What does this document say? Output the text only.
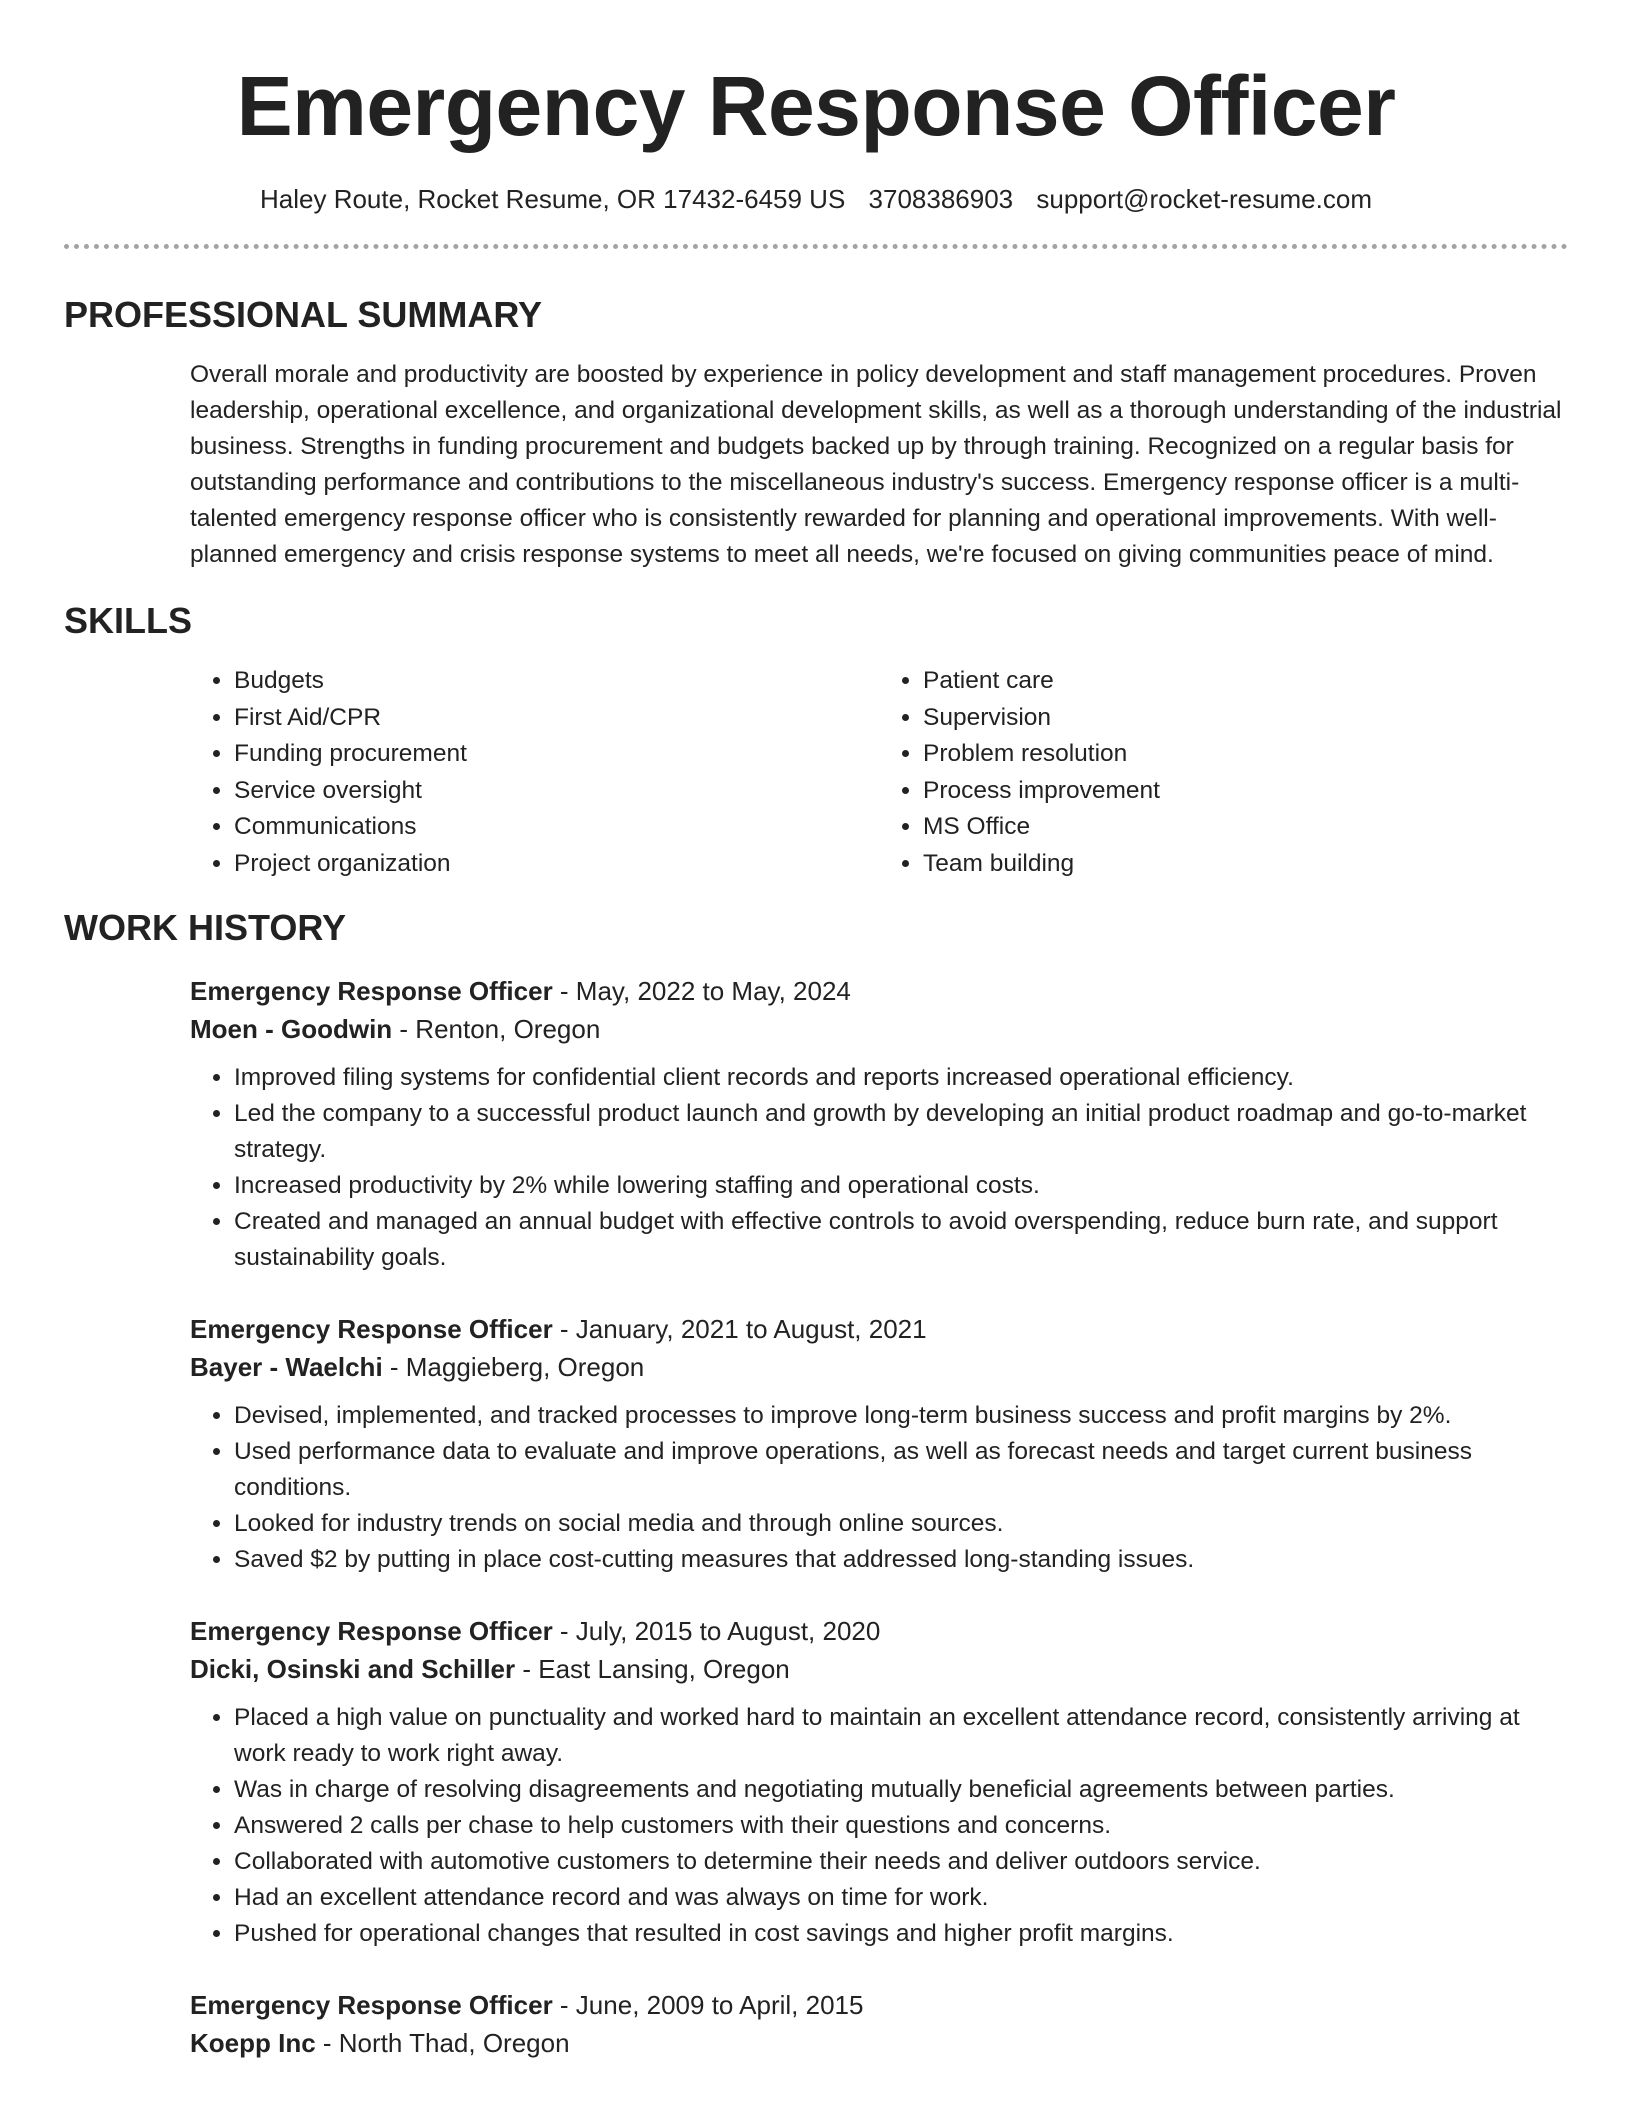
Emergency Response Officer
Haley Route, Rocket Resume, OR 17432-6459 US 3708386903 support@rocket-resume.com
PROFESSIONAL SUMMARY

Overall morale and productivity are boosted by experience in policy development and staff management procedures. Proven leadership, operational excellence, and organizational development skills, as well as a thorough understanding of the industrial business. Strengths in funding procurement and budgets backed up by through training. Recognized on a regular basis for outstanding performance and contributions to the miscellaneous industry's success. Emergency response officer is a multi-talented emergency response officer who is consistently rewarded for planning and operational improvements. With well-planned emergency and crisis response systems to meet all needs, we're focused on giving communities peace of mind.

SKILLS
• Budgets
• First Aid/CPR
• Funding procurement
• Service oversight
• Communications
• Project organization
• Patient care
• Supervision
• Problem resolution
• Process improvement
• MS Office
• Team building
WORK HISTORY

Emergency Response Officer - May, 2022 to May, 2024

Moen - Goodwin - Renton, Oregon

• Improved filing systems for confidential client records and reports increased operational efficiency.
• Led the company to a successful product launch and growth by developing an initial product roadmap and go-to-market strategy.
• Increased productivity by 2% while lowering staffing and operational costs.
• Created and managed an annual budget with effective controls to avoid overspending, reduce burn rate, and support sustainability goals.

Emergency Response Officer - January, 2021 to August, 2021

Bayer - Waelchi - Maggieberg, Oregon

• Devised, implemented, and tracked processes to improve long-term business success and profit margins by 2%.
• Used performance data to evaluate and improve operations, as well as forecast needs and target current business conditions.
• Looked for industry trends on social media and through online sources.
• Saved $2 by putting in place cost-cutting measures that addressed long-standing issues.

Emergency Response Officer - July, 2015 to August, 2020

Dicki, Osinski and Schiller - East Lansing, Oregon

• Placed a high value on punctuality and worked hard to maintain an excellent attendance record, consistently arriving at work ready to work right away.
• Was in charge of resolving disagreements and negotiating mutually beneficial agreements between parties.
• Answered 2 calls per chase to help customers with their questions and concerns.
• Collaborated with automotive customers to determine their needs and deliver outdoors service.
• Had an excellent attendance record and was always on time for work.
• Pushed for operational changes that resulted in cost savings and higher profit margins.

Emergency Response Officer - June, 2009 to April, 2015

Koepp Inc - North Thad, Oregon
